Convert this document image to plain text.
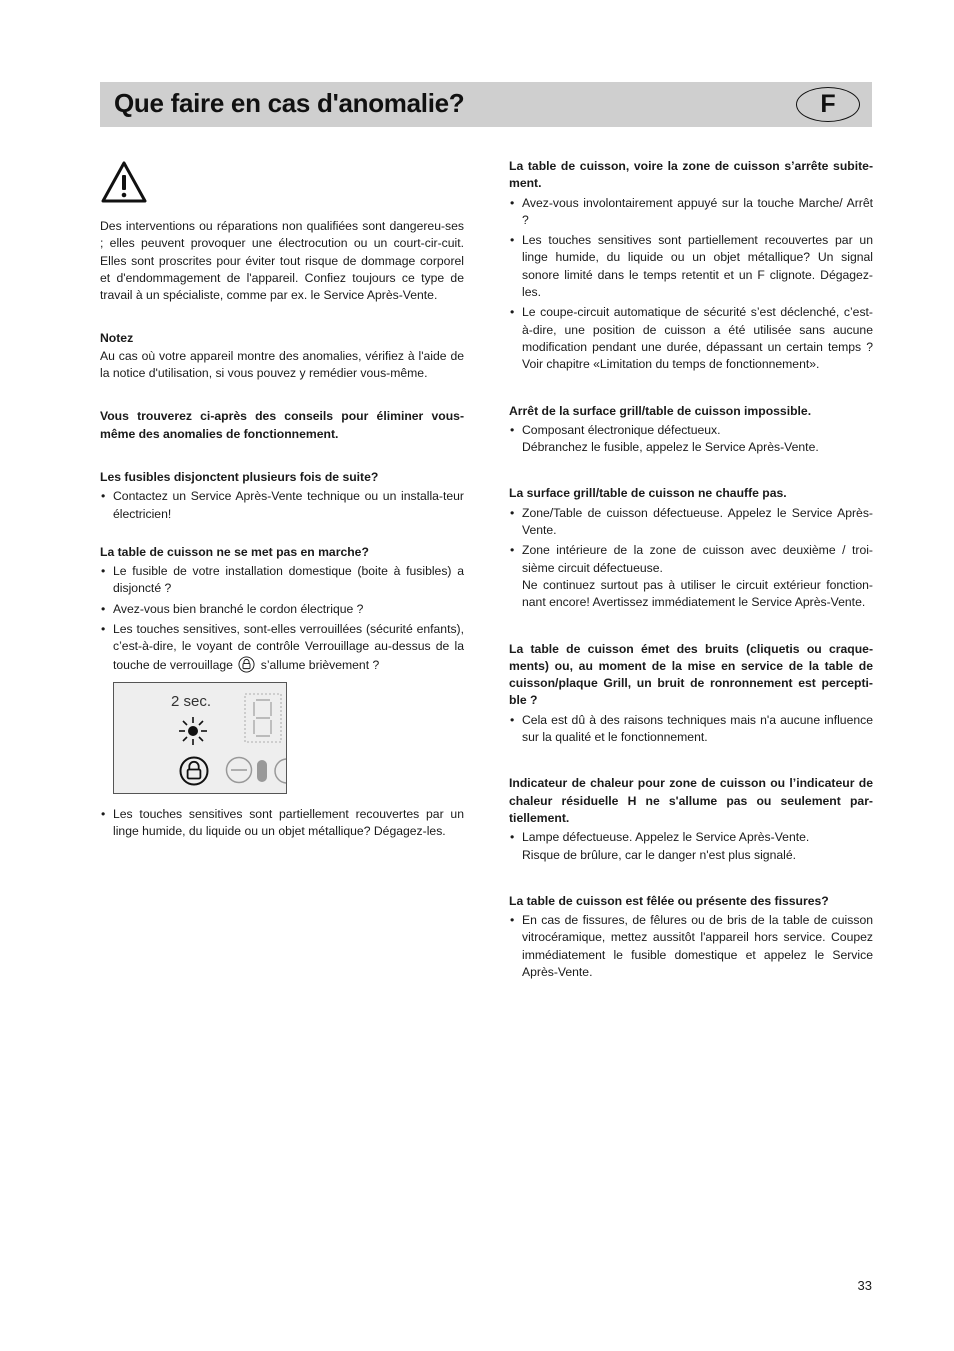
Que faire en cas d'anomalie?	F

Des interventions ou réparations non qualifiées sont dangereu-ses ; elles peuvent provoquer une électrocution ou un court-cir-cuit. Elles sont proscrites pour éviter tout risque de dommage corporel et d'endommagement de l'appareil. Confiez toujours ce type de travail à un spécialiste, comme par ex. le Service Après-Vente.

Notez

Au cas où votre appareil montre des anomalies, vérifiez à l'aide de la notice d'utilisation, si vous pouvez y remédier vous-même.

Vous trouverez ci-après des conseils pour éliminer vous-même des anomalies de fonctionnement.

Les fusibles disjonctent plusieurs fois de suite?

• Contactez un Service Après-Vente technique ou un installa-teur électricien!

La table de cuisson ne se met pas en marche?

• Le fusible de votre installation domestique (boite à fusibles) a disjoncté ?
• Avez-vous bien branché le cordon électrique ?
• Les touches sensitives, sont-elles verrouillées (sécurité enfants), c’est-à-dire, le voyant de contrôle Verrouillage au-dessus de la touche de verrouillage s’allume brièvement ?
2 sec.
• Les touches sensitives sont partiellement recouvertes par un linge humide, du liquide ou un objet métallique? Dégagez-les.

La table de cuisson, voire la zone de cuisson s’arrête subite-ment.

• Avez-vous involontairement appuyé sur la touche Marche/ Arrêt ?
• Les touches sensitives sont partiellement recouvertes par un linge humide, du liquide ou un objet métallique? Un signal sonore limité dans le temps retentit et un F clignote. Dégagez-les.
• Le coupe-circuit automatique de sécurité s’est déclenché, c’est-à-dire, une position de cuisson a été utilisée sans aucune modification pendant une durée, dépassant un certain temps ? Voir chapitre «Limitation du temps de fonctionnement».

Arrêt de la surface grill/table de cuisson impossible.

• Composant électronique défectueux.
Débranchez le fusible, appelez le Service Après-Vente.

La surface grill/table de cuisson ne chauffe pas.

• Zone/Table de cuisson défectueuse. Appelez le Service Après-Vente.
• Zone intérieure de la zone de cuisson avec deuxième / troi-sième circuit défectueuse.
Ne continuez surtout pas à utiliser le circuit extérieur fonction-nant encore! Avertissez immédiatement le Service Après-Vente.

La table de cuisson émet des bruits (cliquetis ou craque-ments) ou, au moment de la mise en service de la table de cuisson/plaque Grill, un bruit de ronronnement est percepti-ble ?

• Cela est dû à des raisons techniques mais n'a aucune influence sur la qualité et le fonctionnement.

Indicateur de chaleur pour zone de cuisson ou l’indicateur de chaleur résiduelle H ne s'allume pas ou seulement par-tiellement.

• Lampe défectueuse. Appelez le Service Après-Vente.
Risque de brûlure, car le danger n'est plus signalé.

La table de cuisson est fêlée ou présente des fissures?

• En cas de fissures, de fêlures ou de bris de la table de cuisson vitrocéramique, mettez aussitôt l'appareil hors service. Coupez immédiatement le fusible domestique et appelez le Service Après-Vente.
33
